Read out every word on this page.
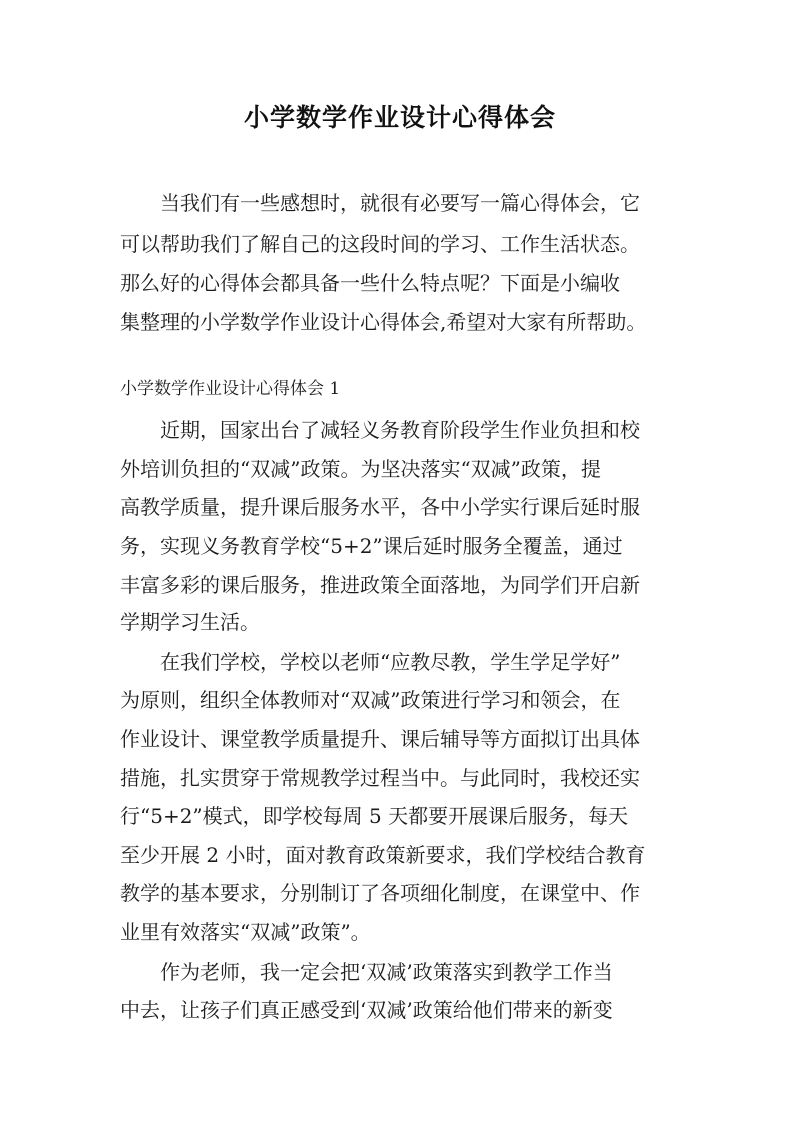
小学数学作业设计心得体会
当我们有一些感想时，就很有必要写一篇心得体会，它
可以帮助我们了解自己的这段时间的学习、工作生活状态。
那么好的心得体会都具备一些什么特点呢？下面是小编收
集整理的小学数学作业设计心得体会,希望对大家有所帮助。
小学数学作业设计心得体会 1
近期，国家出台了减轻义务教育阶段学生作业负担和校
外培训负担的“双减”政策。为坚决落实“双减”政策，提
高教学质量，提升课后服务水平，各中小学实行课后延时服
务，实现义务教育学校“5+2”课后延时服务全覆盖，通过
丰富多彩的课后服务，推进政策全面落地，为同学们开启新
学期学习生活。
在我们学校，学校以老师“应教尽教，学生学足学好”
为原则，组织全体教师对“双减”政策进行学习和领会，在
作业设计、课堂教学质量提升、课后辅导等方面拟订出具体
措施，扎实贯穿于常规教学过程当中。与此同时，我校还实
行“5+2”模式，即学校每周 5 天都要开展课后服务，每天
至少开展 2 小时，面对教育政策新要求，我们学校结合教育
教学的基本要求，分别制订了各项细化制度，在课堂中、作
业里有效落实“双减”政策”。
作为老师，我一定会把‘双减’政策落实到教学工作当
中去，让孩子们真正感受到‘双减’政策给他们带来的新变
